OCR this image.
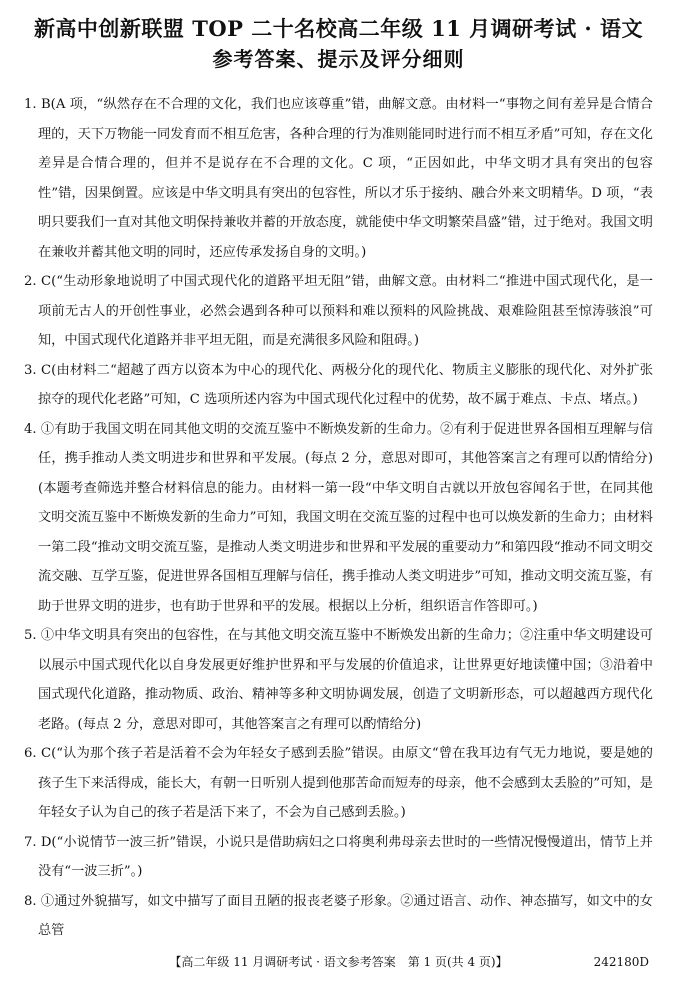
新高中创新联盟 TOP 二十名校高二年级 11 月调研考试 · 语文
参考答案、提示及评分细则

1. B(A 项，“纵然存在不合理的文化，我们也应该尊重”错，曲解文意。由材料一“事物之间有差异是合情合理的，天下万物能一同发育而不相互危害，各种合理的行为准则能同时进行而不相互矛盾”可知，存在文化差异是合情合理的，但并不是说存在不合理的文化。C 项，“正因如此，中华文明才具有突出的包容性”错，因果倒置。应该是中华文明具有突出的包容性，所以才乐于接纳、融合外来文明精华。D 项，“表明只要我们一直对其他文明保持兼收并蓄的开放态度，就能使中华文明繁荣昌盛”错，过于绝对。我国文明在兼收并蓄其他文明的同时，还应传承发扬自身的文明。)

2. C(“生动形象地说明了中国式现代化的道路平坦无阻”错，曲解文意。由材料二“推进中国式现代化，是一项前无古人的开创性事业，必然会遇到各种可以预料和难以预料的风险挑战、艰难险阻甚至惊涛骇浪”可知，中国式现代化道路并非平坦无阻，而是充满很多风险和阻碍。)

3. C(由材料二“超越了西方以资本为中心的现代化、两极分化的现代化、物质主义膨胀的现代化、对外扩张掠夺的现代化老路”可知，C 选项所述内容为中国式现代化过程中的优势，故不属于难点、卡点、堵点。)

4. ①有助于我国文明在同其他文明的交流互鉴中不断焕发新的生命力。②有利于促进世界各国相互理解与信任，携手推动人类文明进步和世界和平发展。(每点 2 分，意思对即可，其他答案言之有理可以酌情给分)(本题考查筛选并整合材料信息的能力。由材料一第一段“中华文明自古就以开放包容闻名于世，在同其他文明交流互鉴中不断焕发新的生命力”可知，我国文明在交流互鉴的过程中也可以焕发新的生命力；由材料一第二段“推动文明交流互鉴，是推动人类文明进步和世界和平发展的重要动力”和第四段“推动不同文明交流交融、互学互鉴，促进世界各国相互理解与信任，携手推动人类文明进步”可知，推动文明交流互鉴，有助于世界文明的进步，也有助于世界和平的发展。根据以上分析，组织语言作答即可。)

5. ①中华文明具有突出的包容性，在与其他文明交流互鉴中不断焕发出新的生命力；②注重中华文明建设可以展示中国式现代化以自身发展更好维护世界和平与发展的价值追求，让世界更好地读懂中国；③沿着中国式现代化道路，推动物质、政治、精神等多种文明协调发展，创造了文明新形态，可以超越西方现代化老路。(每点 2 分，意思对即可，其他答案言之有理可以酌情给分)

6. C(“认为那个孩子若是活着不会为年轻女子感到丢脸”错误。由原文“曾在我耳边有气无力地说，要是她的孩子生下来活得成，能长大，有朝一日听别人提到他那苦命而短寿的母亲，他不会感到太丢脸的”可知，是年轻女子认为自己的孩子若是活下来了，不会为自己感到丢脸。)

7. D(“小说情节一波三折”错误，小说只是借助病妇之口将奥利弗母亲去世时的一些情况慢慢道出，情节上并没有“一波三折”。)

8. ①通过外貌描写，如文中描写了面目丑陋的报丧老婆子形象。②通过语言、动作、神态描写，如文中的女总管

【高二年级 11 月调研考试 · 语文参考答案　第 1 页(共 4 页)】	242180D
